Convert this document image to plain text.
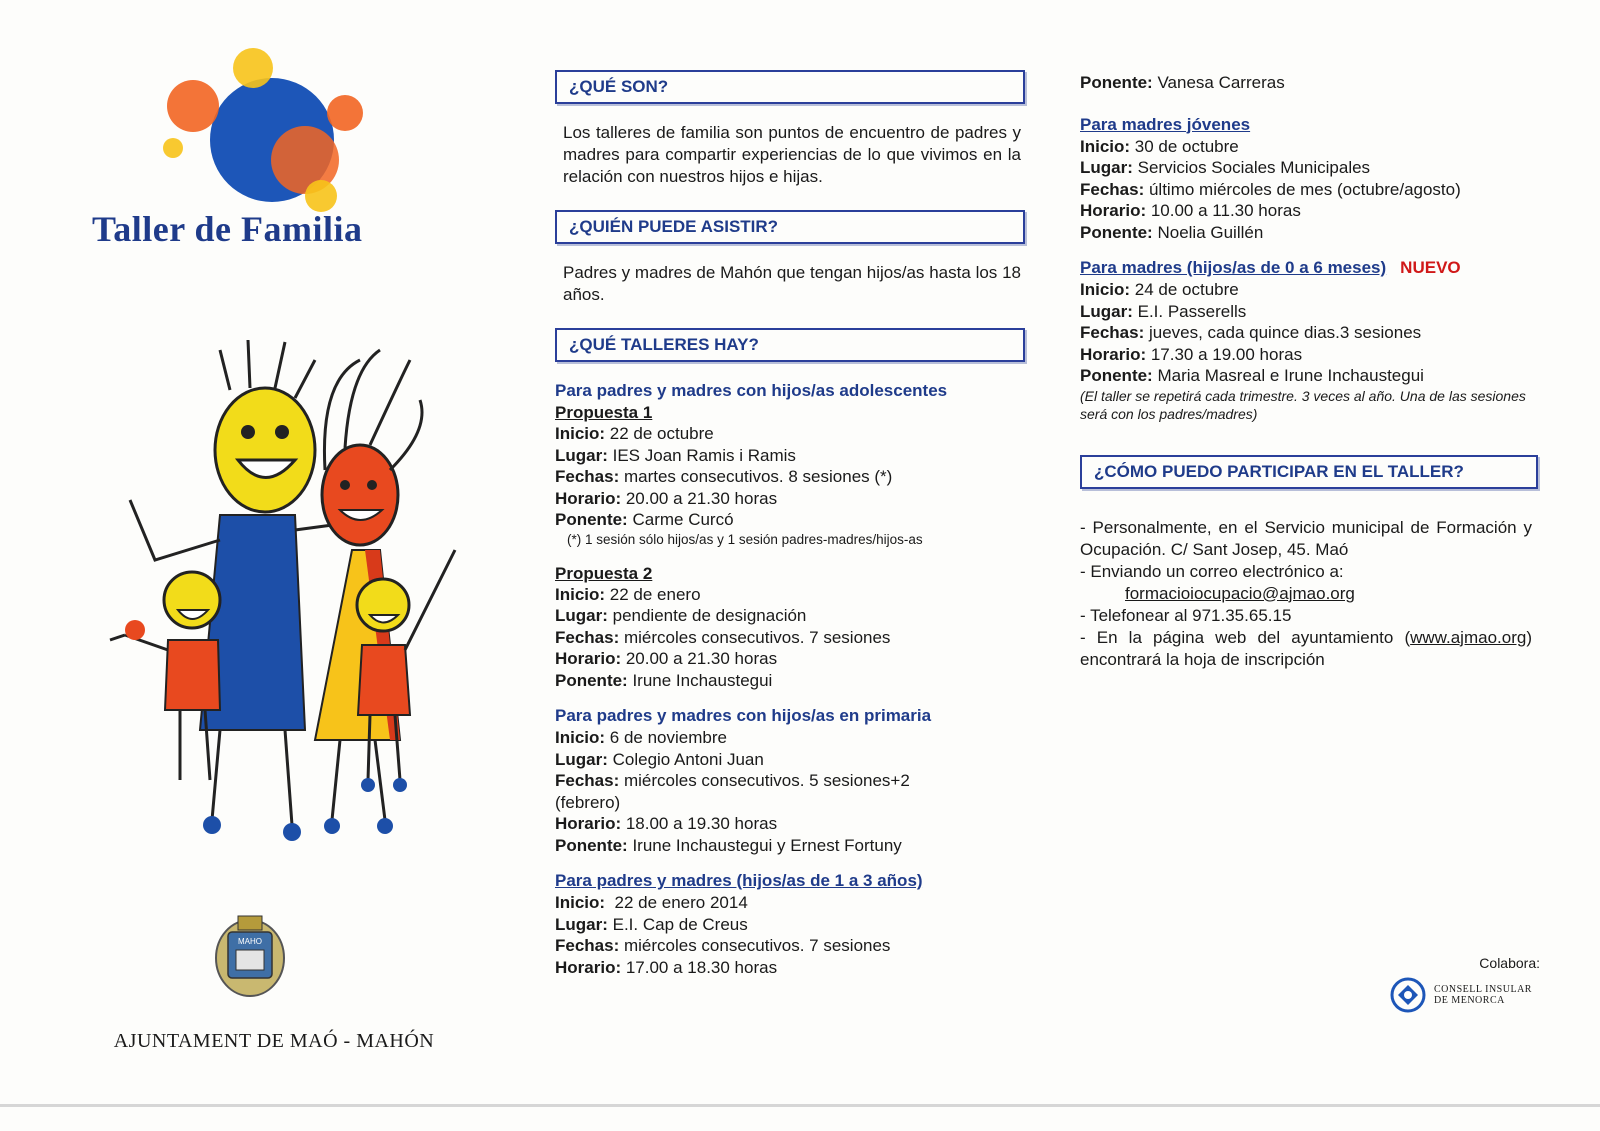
Taller de Familia
MAHO
AJUNTAMENT DE MAÓ - MAHÓN
¿QUÉ SON?
Los talleres de familia son puntos de encuentro de padres y madres para compartir experiencias de lo que vivimos en la relación con nuestros hijos e hijas.
¿QUIÉN PUEDE ASISTIR?
Padres y madres de Mahón que tengan hijos/as hasta los 18 años.
¿QUÉ TALLERES HAY?
Para padres y madres con hijos/as adolescentes
Propuesta 1
Inicio: 22 de octubre
Lugar: IES Joan Ramis i Ramis
Fechas: martes consecutivos. 8 sesiones (*)
Horario: 20.00 a 21.30 horas
Ponente: Carme Curcó
(*) 1 sesión sólo hijos/as y 1 sesión padres-madres/hijos-as
Propuesta 2
Inicio: 22 de enero
Lugar: pendiente de designación
Fechas: miércoles consecutivos. 7 sesiones
Horario: 20.00 a 21.30 horas
Ponente: Irune Inchaustegui
Para padres y madres con hijos/as en primaria
Inicio: 6 de noviembre
Lugar: Colegio Antoni Juan
Fechas: miércoles consecutivos. 5 sesiones+2 (febrero)
Horario: 18.00 a 19.30 horas
Ponente: Irune Inchaustegui y Ernest Fortuny
Para padres y madres (hijos/as de 1 a 3 años)
Inicio:  22 de enero 2014
Lugar: E.I. Cap de Creus
Fechas: miércoles consecutivos. 7 sesiones
Horario: 17.00 a 18.30 horas
Ponente: Vanesa Carreras
Para madres jóvenes
Inicio: 30 de octubre
Lugar: Servicios Sociales Municipales
Fechas: último miércoles de mes (octubre/agosto)
Horario: 10.00 a 11.30 horas
Ponente: Noelia Guillén
Para madres (hijos/as de 0 a 6 meses) NUEVO
Inicio: 24 de octubre
Lugar: E.I. Passerells
Fechas: jueves, cada quince dias.3 sesiones
Horario: 17.30 a 19.00 horas
Ponente: Maria Masreal e Irune Inchaustegui
(El taller se repetirá cada trimestre. 3 veces al año. Una de las sesiones será con los padres/madres)
¿CÓMO PUEDO PARTICIPAR EN EL TALLER?
- Personalmente, en el Servicio municipal de Formación y Ocupación. C/ Sant Josep, 45. Maó
- Enviando un correo electrónico a:
formacioiocupacio@ajmao.org
- Telefonear al 971.35.65.15
- En la página web del ayuntamiento (www.ajmao.org) encontrará la hoja de inscripción
Colabora:
CONSELL INSULAR
DE MENORCA
